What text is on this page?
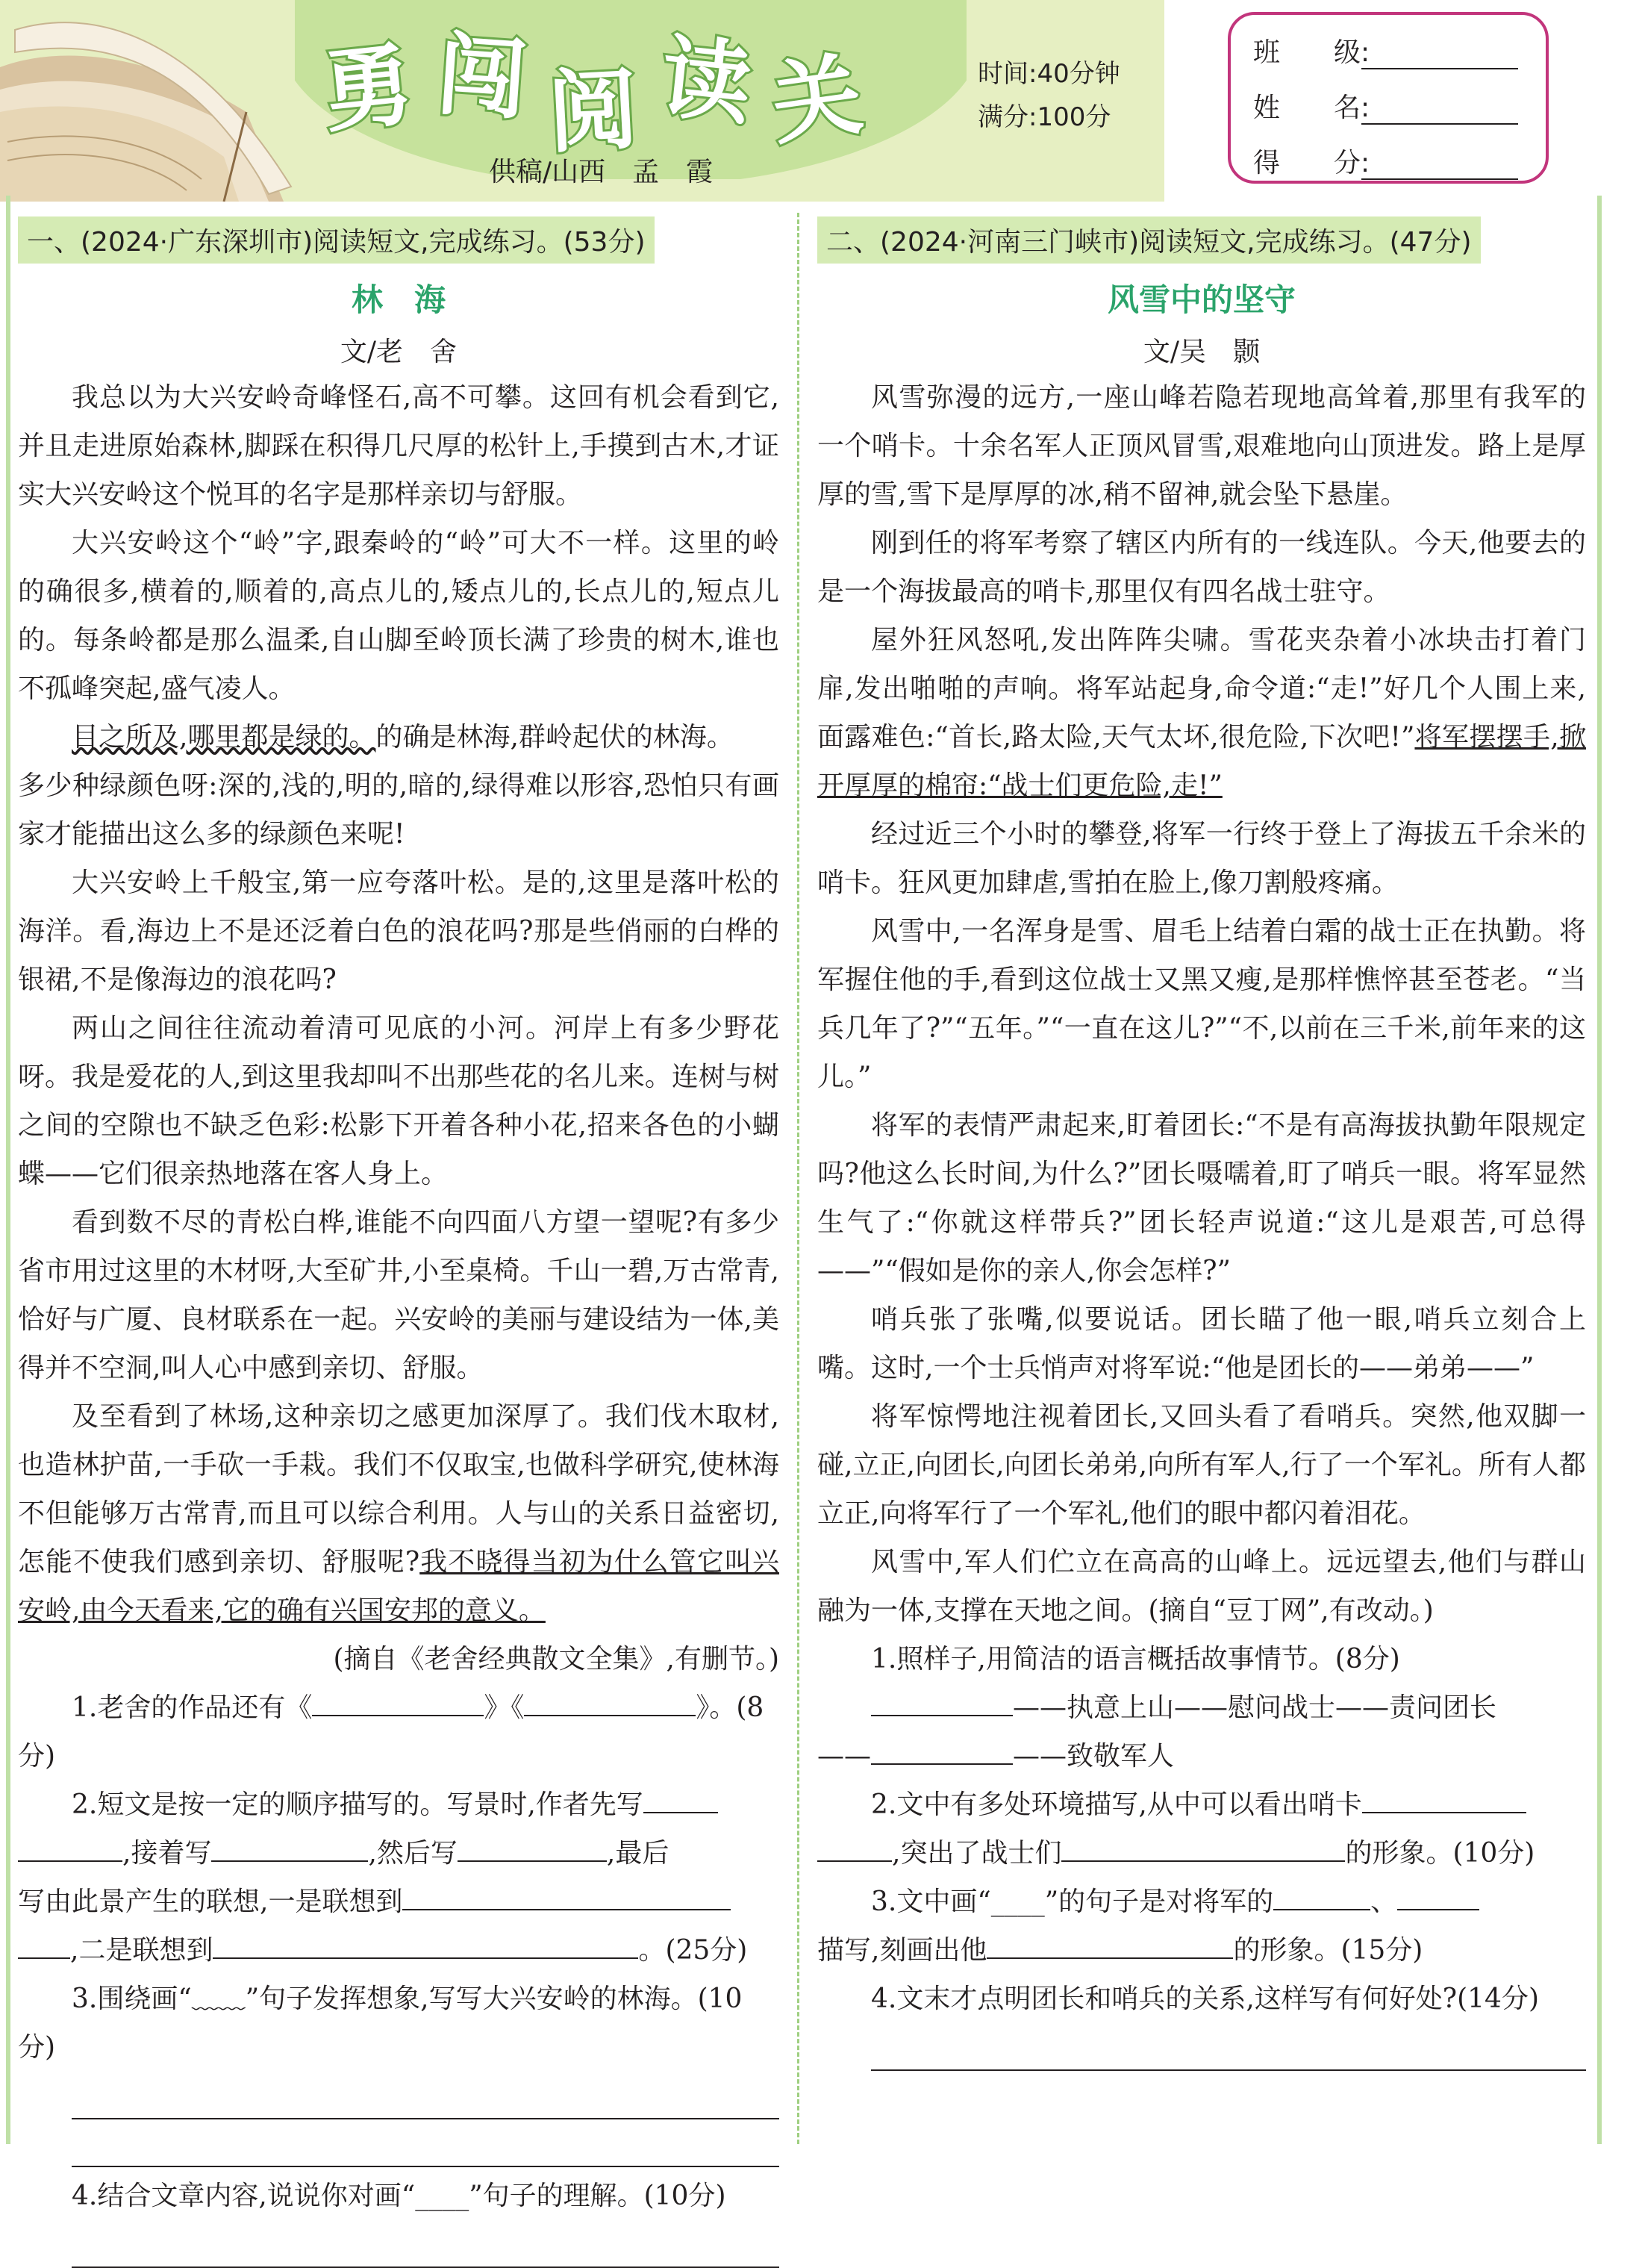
勇 闯 阅 读 关	时间:40分钟
满分:100分
供稿/山西　孟　霞
班　　级:
姓　　名:
得　　分:
一、(2024·广东深圳市)阅读短文,完成练习。(53分)
林　海
文/老　舍

我总以为大兴安岭奇峰怪石,高不可攀。这回有机会看到它,并且走进原始森林,脚踩在积得几尺厚的松针上,手摸到古木,才证实大兴安岭这个悦耳的名字是那样亲切与舒服。

大兴安岭这个“岭”字,跟秦岭的“岭”可大不一样。这里的岭的确很多,横着的,顺着的,高点儿的,矮点儿的,长点儿的,短点儿的。每条岭都是那么温柔,自山脚至岭顶长满了珍贵的树木,谁也不孤峰突起,盛气凌人。

目之所及,哪里都是绿的。的确是林海,群岭起伏的林海。

多少种绿颜色呀:深的,浅的,明的,暗的,绿得难以形容,恐怕只有画家才能描出这么多的绿颜色来呢!

大兴安岭上千般宝,第一应夸落叶松。是的,这里是落叶松的海洋。看,海边上不是还泛着白色的浪花吗?那是些俏丽的白桦的银裙,不是像海边的浪花吗?

两山之间往往流动着清可见底的小河。河岸上有多少野花呀。我是爱花的人,到这里我却叫不出那些花的名儿来。连树与树之间的空隙也不缺乏色彩:松影下开着各种小花,招来各色的小蝴蝶——它们很亲热地落在客人身上。

看到数不尽的青松白桦,谁能不向四面八方望一望呢?有多少省市用过这里的木材呀,大至矿井,小至桌椅。千山一碧,万古常青,恰好与广厦、良材联系在一起。兴安岭的美丽与建设结为一体,美得并不空洞,叫人心中感到亲切、舒服。

及至看到了林场,这种亲切之感更加深厚了。我们伐木取材,也造林护苗,一手砍一手栽。我们不仅取宝,也做科学研究,使林海不但能够万古常青,而且可以综合利用。人与山的关系日益密切,怎能不使我们感到亲切、舒服呢?我不晓得当初为什么管它叫兴安岭,由今天看来,它的确有兴国安邦的意义。

(摘自《老舍经典散文全集》,有删节。)
1.老舍的作品还有《	》《	》。(8分)
2.短文是按一定的顺序描写的。写景时,作者先写
,接着写	,然后写	,最后
写由此景产生的联想,一是联想到
,二是联想到	。(25分)
3.围绕画“﹏﹏”句子发挥想象,写写大兴安岭的林海。(10分)
4.结合文章内容,说说你对画“____”句子的理解。(10分)
二、(2024·河南三门峡市)阅读短文,完成练习。(47分)
风雪中的坚守
文/吴　颢

风雪弥漫的远方,一座山峰若隐若现地高耸着,那里有我军的一个哨卡。十余名军人正顶风冒雪,艰难地向山顶进发。路上是厚厚的雪,雪下是厚厚的冰,稍不留神,就会坠下悬崖。

刚到任的将军考察了辖区内所有的一线连队。今天,他要去的是一个海拔最高的哨卡,那里仅有四名战士驻守。

屋外狂风怒吼,发出阵阵尖啸。雪花夹杂着小冰块击打着门扉,发出啪啪的声响。将军站起身,命令道:“走!”好几个人围上来,面露难色:“首长,路太险,天气太坏,很危险,下次吧!”将军摆摆手,掀开厚厚的棉帘:“战士们更危险,走!”

经过近三个小时的攀登,将军一行终于登上了海拔五千余米的哨卡。狂风更加肆虐,雪拍在脸上,像刀割般疼痛。

风雪中,一名浑身是雪、眉毛上结着白霜的战士正在执勤。将军握住他的手,看到这位战士又黑又瘦,是那样憔悴甚至苍老。“当兵几年了?”“五年。”“一直在这儿?”“不,以前在三千米,前年来的这儿。”

将军的表情严肃起来,盯着团长:“不是有高海拔执勤年限规定吗?他这么长时间,为什么?”团长嗫嚅着,盯了哨兵一眼。将军显然生气了:“你就这样带兵?”团长轻声说道:“这儿是艰苦,可总得——”“假如是你的亲人,你会怎样?”

哨兵张了张嘴,似要说话。团长瞄了他一眼,哨兵立刻合上嘴。这时,一个士兵悄声对将军说:“他是团长的——弟弟——”

将军惊愕地注视着团长,又回头看了看哨兵。突然,他双脚一碰,立正,向团长,向团长弟弟,向所有军人,行了一个军礼。所有人都立正,向将军行了一个军礼,他们的眼中都闪着泪花。

风雪中,军人们伫立在高高的山峰上。远远望去,他们与群山融为一体,支撑在天地之间。(摘自“豆丁网”,有改动。)

1.照样子,用简洁的语言概括故事情节。(8分)
——执意上山——慰问战士——责问团长
——	——致敬军人
2.文中有多处环境描写,从中可以看出哨卡
,突出了战士们	的形象。(10分)
3.文中画“____”的句子是对将军的	、
描写,刻画出他	的形象。(15分)
4.文末才点明团长和哨兵的关系,这样写有何好处?(14分)
